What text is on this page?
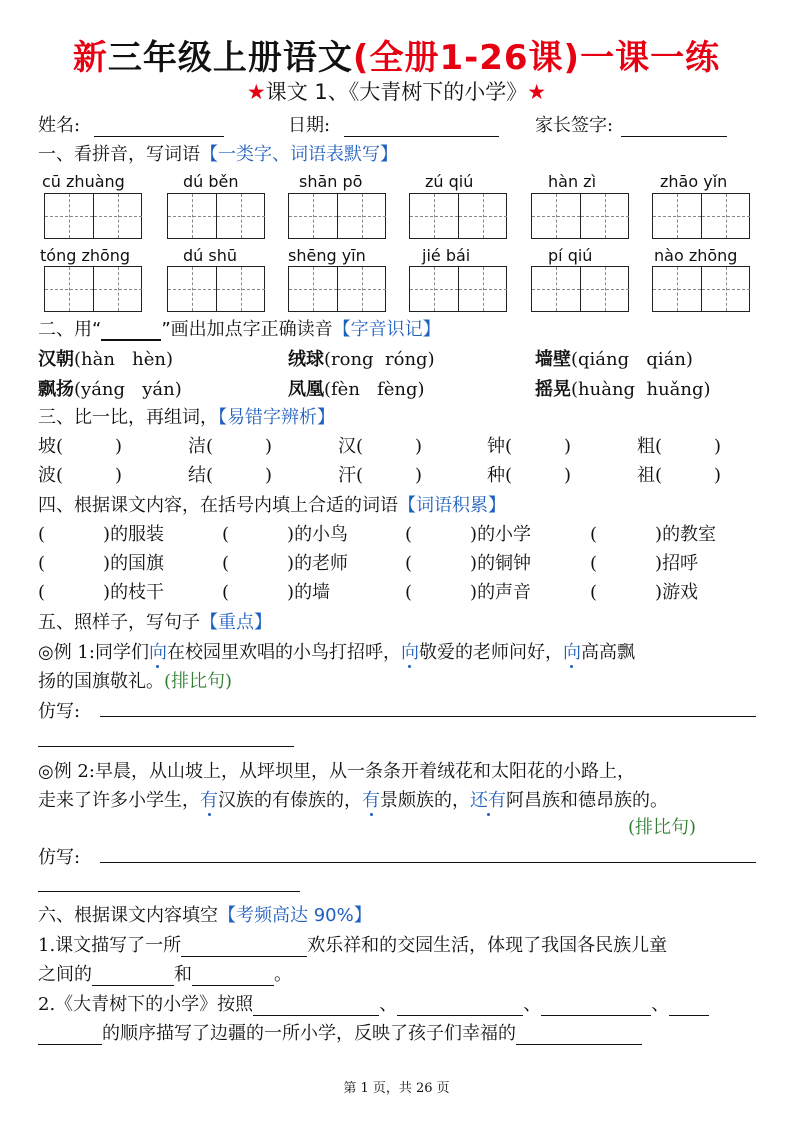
新三年级上册语文(全册1-26课)一课一练
★课文 1、《大青树下的小学》★
姓名:	日期:	家长签字:
一、看拼音，写词语【一类字、词语表默写】
cū zhuàng	dú běn	shān pō	zú qiú	hàn zì	zhāo yǐn
tóng zhōng	dú shū	shēng yīn	jié bái	pí qiú	nào zhōng
二、用“	”画出加点字正确读音【字音识记】
汉朝(hàn   hèn)	绒球(rong  róng)	墙壁(qiáng   qián)
飘扬(yáng   yán)	凤凰(fèn   fèng)	摇晃(huàng  huǎng)
三、比一比，再组词，【易错字辨析】
坡(	)	洁(	)	汉(	)	钟(	)	粗(	)
波(	)	结(	)	汗(	)	种(	)	祖(	)
四、根据课文内容，在括号内填上合适的词语【词语积累】
(	)的服装	(	)的小鸟	(	)的小学	(	)的教室
(	)的国旗	(	)的老师	(	)的铜钟	(	)招呼
(	)的枝干	(	)的墙	(	)的声音	(	)游戏
五、照样子，写句子【重点】
◎例 1:同学们向在校园里欢唱的小鸟打招呼，向敬爱的老师问好，向高高飘
扬的国旗敬礼。(排比句)
仿写:
◎例 2:早晨，从山坡上，从坪坝里，从一条条开着绒花和太阳花的小路上，
走来了许多小学生，有汉族的有傣族的，有景颇族的，还有阿昌族和德昂族的。
(排比句)
仿写:
六、根据课文内容填空【考频高达 90%】
1.课文描写了一所	欢乐祥和的交园生活，体现了我国各民族儿童
之间的	和	。
2.《大青树下的小学》按照	、	、	、
的顺序描写了边疆的一所小学，反映了孩子们幸福的
第 1 页，共 26 页
